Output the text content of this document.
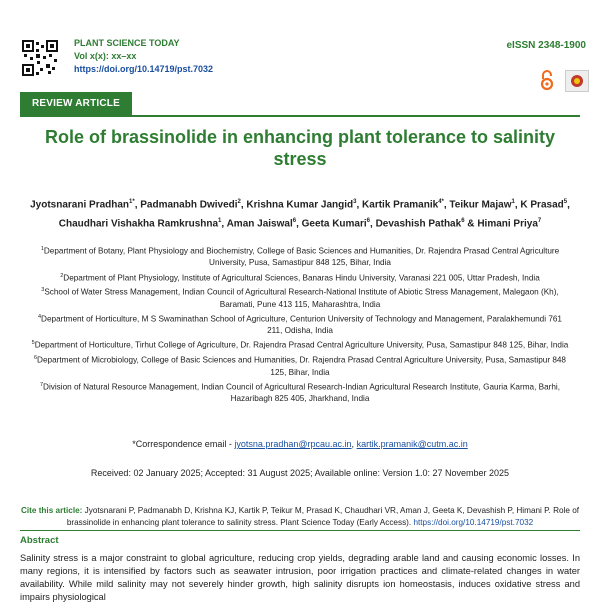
PLANT SCIENCE TODAY
Vol x(x): xx–xx
https://doi.org/10.14719/pst.7032
eISSN 2348-1900
REVIEW ARTICLE
Role of brassinolide in enhancing plant tolerance to salinity stress
Jyotsnarani Pradhan$^{1*}$, Padmanabh Dwivedi$^2$, Krishna Kumar Jangid$^3$, Kartik Pramanik$^{4*}$, Teikur Majaw$^1$, K Prasad$^5$, Chaudhari Vishakha Ramkrushna$^1$, Aman Jaiswal$^6$, Geeta Kumari$^6$, Devashish Pathak$^6$ & Himani Priya$^7$

$^1$Department of Botany, Plant Physiology and Biochemistry, College of Basic Sciences and Humanities, Dr. Rajendra Prasad Central Agriculture University, Pusa, Samastipur 848 125, Bihar, India

$^2$Department of Plant Physiology, Institute of Agricultural Sciences, Banaras Hindu University, Varanasi 221 005, Uttar Pradesh, India

$^3$School of Water Stress Management, Indian Council of Agricultural Research-National Institute of Abiotic Stress Management, Malegaon (Kh), Baramati, Pune 413 115, Maharashtra, India

$^4$Department of Horticulture, M S Swaminathan School of Agriculture, Centurion University of Technology and Management, Paralakhemundi 761 211, Odisha, India

$^5$Department of Horticulture, Tirhut College of Agriculture, Dr. Rajendra Prasad Central Agriculture University, Pusa, Samastipur 848 125, Bihar, India

$^6$Department of Microbiology, College of Basic Sciences and Humanities, Dr. Rajendra Prasad Central Agriculture University, Pusa, Samastipur 848 125, Bihar, India

$^7$Division of Natural Resource Management, Indian Council of Agricultural Research-Indian Agricultural Research Institute, Gauria Karma, Barhi, Hazaribagh 825 405, Jharkhand, India

*Correspondence email - jyotsna.pradhan@rpcau.ac.in, kartik.pramanik@cutm.ac.in
Received: 02 January 2025; Accepted: 31 August 2025; Available online: Version 1.0: 27 November 2025
Cite this article: Jyotsnarani P, Padmanabh D, Krishna KJ, Kartik P, Teikur M, Prasad K, Chaudhari VR, Aman J, Geeta K, Devashish P, Himani P. Role of brassinolide in enhancing plant tolerance to salinity stress. Plant Science Today (Early Access). https://doi.org/10.14719/pst.7032
Abstract
Salinity stress is a major constraint to global agriculture, reducing crop yields, degrading arable land and causing economic losses. In many regions, it is intensified by factors such as seawater intrusion, poor irrigation practices and climate-related changes in water availability. While mild salinity may not severely hinder growth, high salinity disrupts ion homeostasis, induces oxidative stress and impairs physiological
